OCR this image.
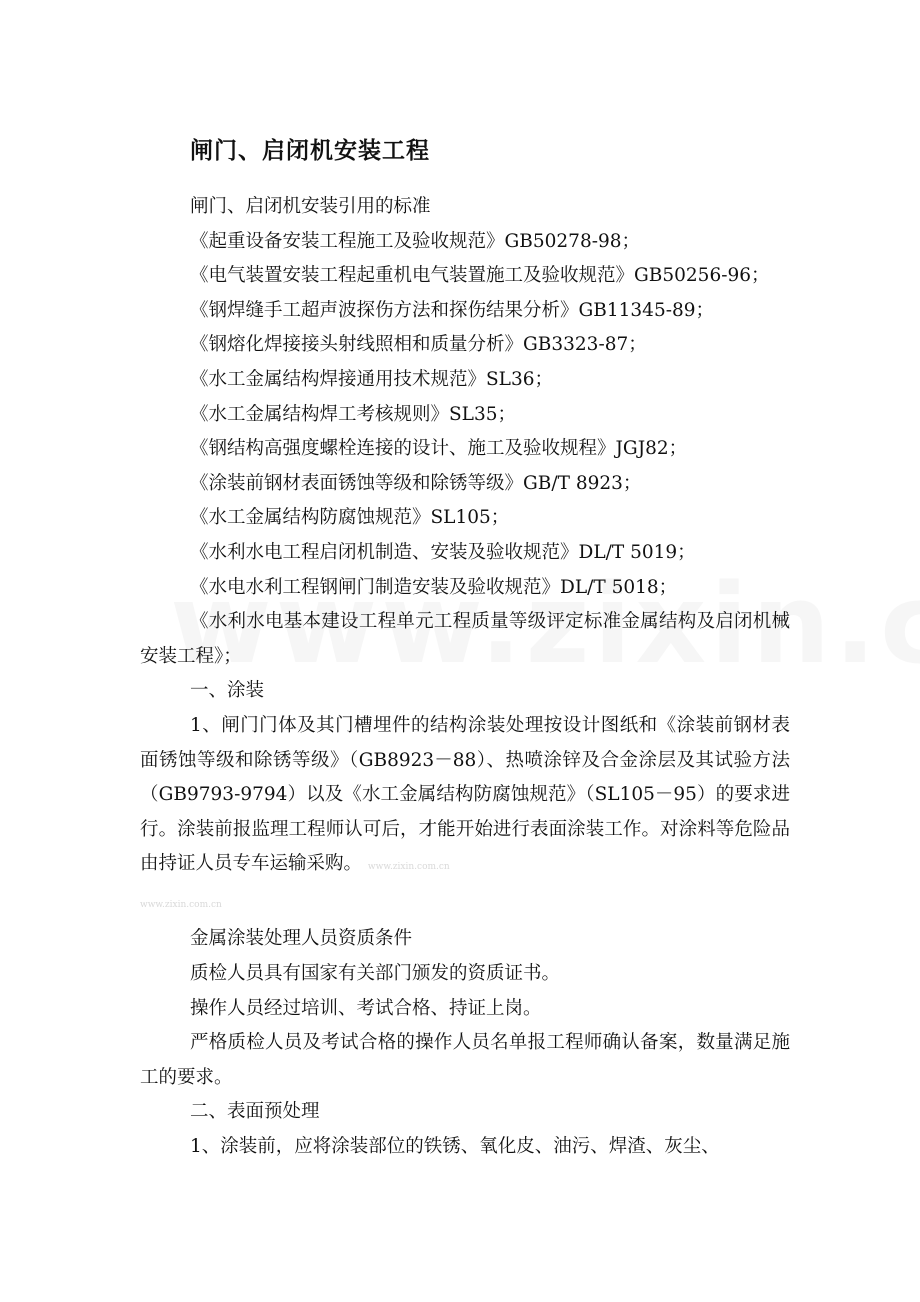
闸门、启闭机安装工程

闸门、启闭机安装引用的标准

《起重设备安装工程施工及验收规范》GB50278-98；

《电气装置安装工程起重机电气装置施工及验收规范》GB50256-96；

《钢焊缝手工超声波探伤方法和探伤结果分析》GB11345-89；

《钢熔化焊接接头射线照相和质量分析》GB3323-87；

《水工金属结构焊接通用技术规范》SL36；

《水工金属结构焊工考核规则》SL35；

《钢结构高强度螺栓连接的设计、施工及验收规程》JGJ82；

《涂装前钢材表面锈蚀等级和除锈等级》GB/T 8923；

《水工金属结构防腐蚀规范》SL105；

《水利水电工程启闭机制造、安装及验收规范》DL/T 5019；

《水电水利工程钢闸门制造安装及验收规范》DL/T 5018；

《水利水电基本建设工程单元工程质量等级评定标准金属结构及启闭机械安装工程》；

一、涂装

1、闸门门体及其门槽埋件的结构涂装处理按设计图纸和《涂装前钢材表面锈蚀等级和除锈等级》（GB8923－88）、热喷涂锌及合金涂层及其试验方法（GB9793-9794）以及《水工金属结构防腐蚀规范》（SL105－95）的要求进行。涂装前报监理工程师认可后，才能开始进行表面涂装工作。对涂料等危险品由持证人员专车运输采购。 www.zixin.com.cn

www.zixin.com.cn

金属涂装处理人员资质条件

质检人员具有国家有关部门颁发的资质证书。

操作人员经过培训、考试合格、持证上岗。

严格质检人员及考试合格的操作人员名单报工程师确认备案，数量满足施工的要求。

二、表面预处理

1、涂装前，应将涂装部位的铁锈、氧化皮、油污、焊渣、灰尘、
